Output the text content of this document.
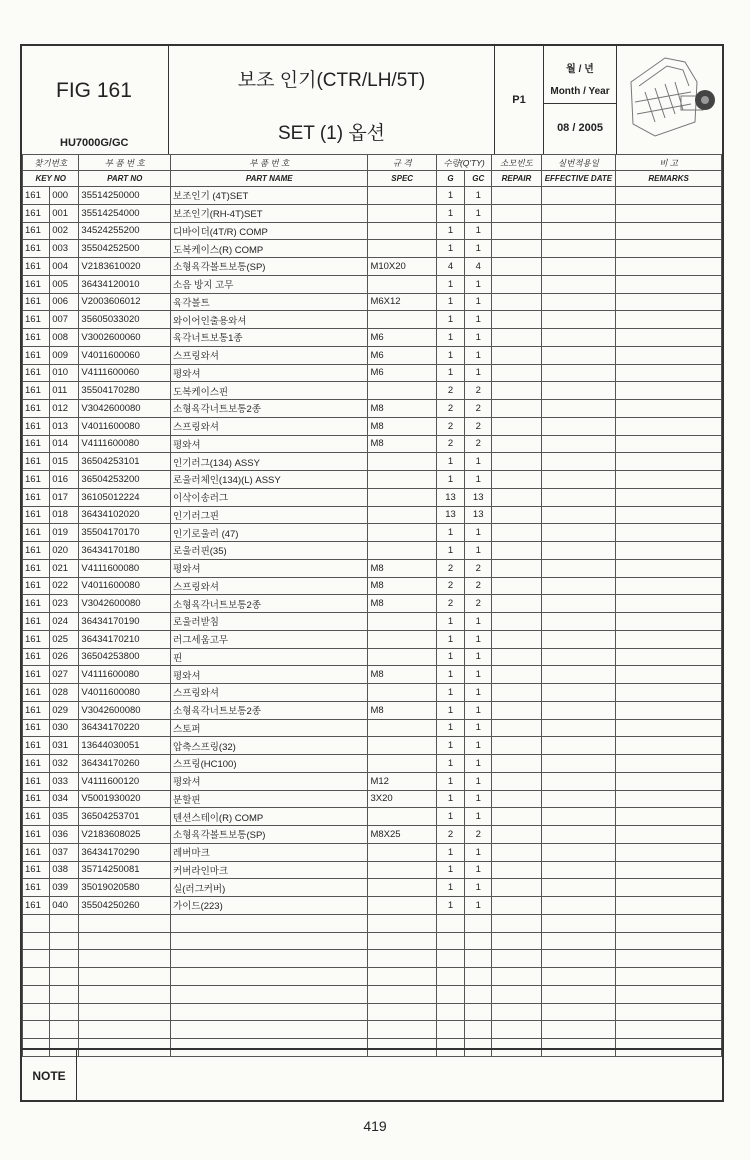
FIG 161
HU7000G/GC
보조 인기(CTR/LH/5T)
SET (1) 옵션
P1
월 / 년
Month / Year
08 / 2005
찾기번호		부 품 번 호	부 품 번 호	규 격	수량(Q'TY)		소모빈도	실번적용일	비 고
KEY NO		PART NO	PART NAME	SPEC	G	GC	REPAIR	EFFECTIVE DATE	REMARKS
161	000	35514250000	보조인기 (4T)SET		1	1			
161	001	35514254000	보조인기(RH-4T)SET		1	1			
161	002	34524255200	디바이더(4T/R) COMP		1	1			
161	003	35504252500	도복케이스(R) COMP		1	1			
161	004	V2183610020	소형육각볼트보통(SP)	M10X20	4	4			
161	005	36434120010	소음 방지 고무		1	1			
161	006	V2003606012	육각볼트	M6X12	1	1			
161	007	35605033020	와이어인출용와셔		1	1			
161	008	V3002600060	육각너트보통1종	M6	1	1			
161	009	V4011600060	스프링와셔	M6	1	1			
161	010	V4111600060	평와셔	M6	1	1			
161	011	35504170280	도복케이스핀		2	2			
161	012	V3042600080	소형육각너트보통2종	M8	2	2			
161	013	V4011600080	스프링와셔	M8	2	2			
161	014	V4111600080	평와셔	M8	2	2			
161	015	36504253101	인기러그(134) ASSY		1	1			
161	016	36504253200	로울러체인(134)(L) ASSY		1	1			
161	017	36105012224	이삭이송러그		13	13			
161	018	36434102020	인기러그핀		13	13			
161	019	35504170170	인기로울러 (47)		1	1			
161	020	36434170180	로울러핀(35)		1	1			
161	021	V4111600080	평와셔	M8	2	2			
161	022	V4011600080	스프링와셔	M8	2	2			
161	023	V3042600080	소형육각너트보통2종	M8	2	2			
161	024	36434170190	로울러받침		1	1			
161	025	36434170210	러그세움고무		1	1			
161	026	36504253800	핀		1	1			
161	027	V4111600080	평와셔	M8	1	1			
161	028	V4011600080	스프링와셔		1	1			
161	029	V3042600080	소형육각너트보통2종	M8	1	1			
161	030	36434170220	스토퍼		1	1			
161	031	13644030051	압축스프링(32)		1	1			
161	032	36434170260	스프링(HC100)		1	1			
161	033	V4111600120	평와셔	M12	1	1			
161	034	V5001930020	분할핀	3X20	1	1			
161	035	36504253701	텐션스테이(R) COMP		1	1			
161	036	V2183608025	소형육각볼트보통(SP)	M8X25	2	2			
161	037	36434170290	레버마크		1	1			
161	038	35714250081	커버라인마크		1	1			
161	039	35019020580	실(러그커버)		1	1			
161	040	35504250260	가이드(223)		1	1			

NOTE
419
